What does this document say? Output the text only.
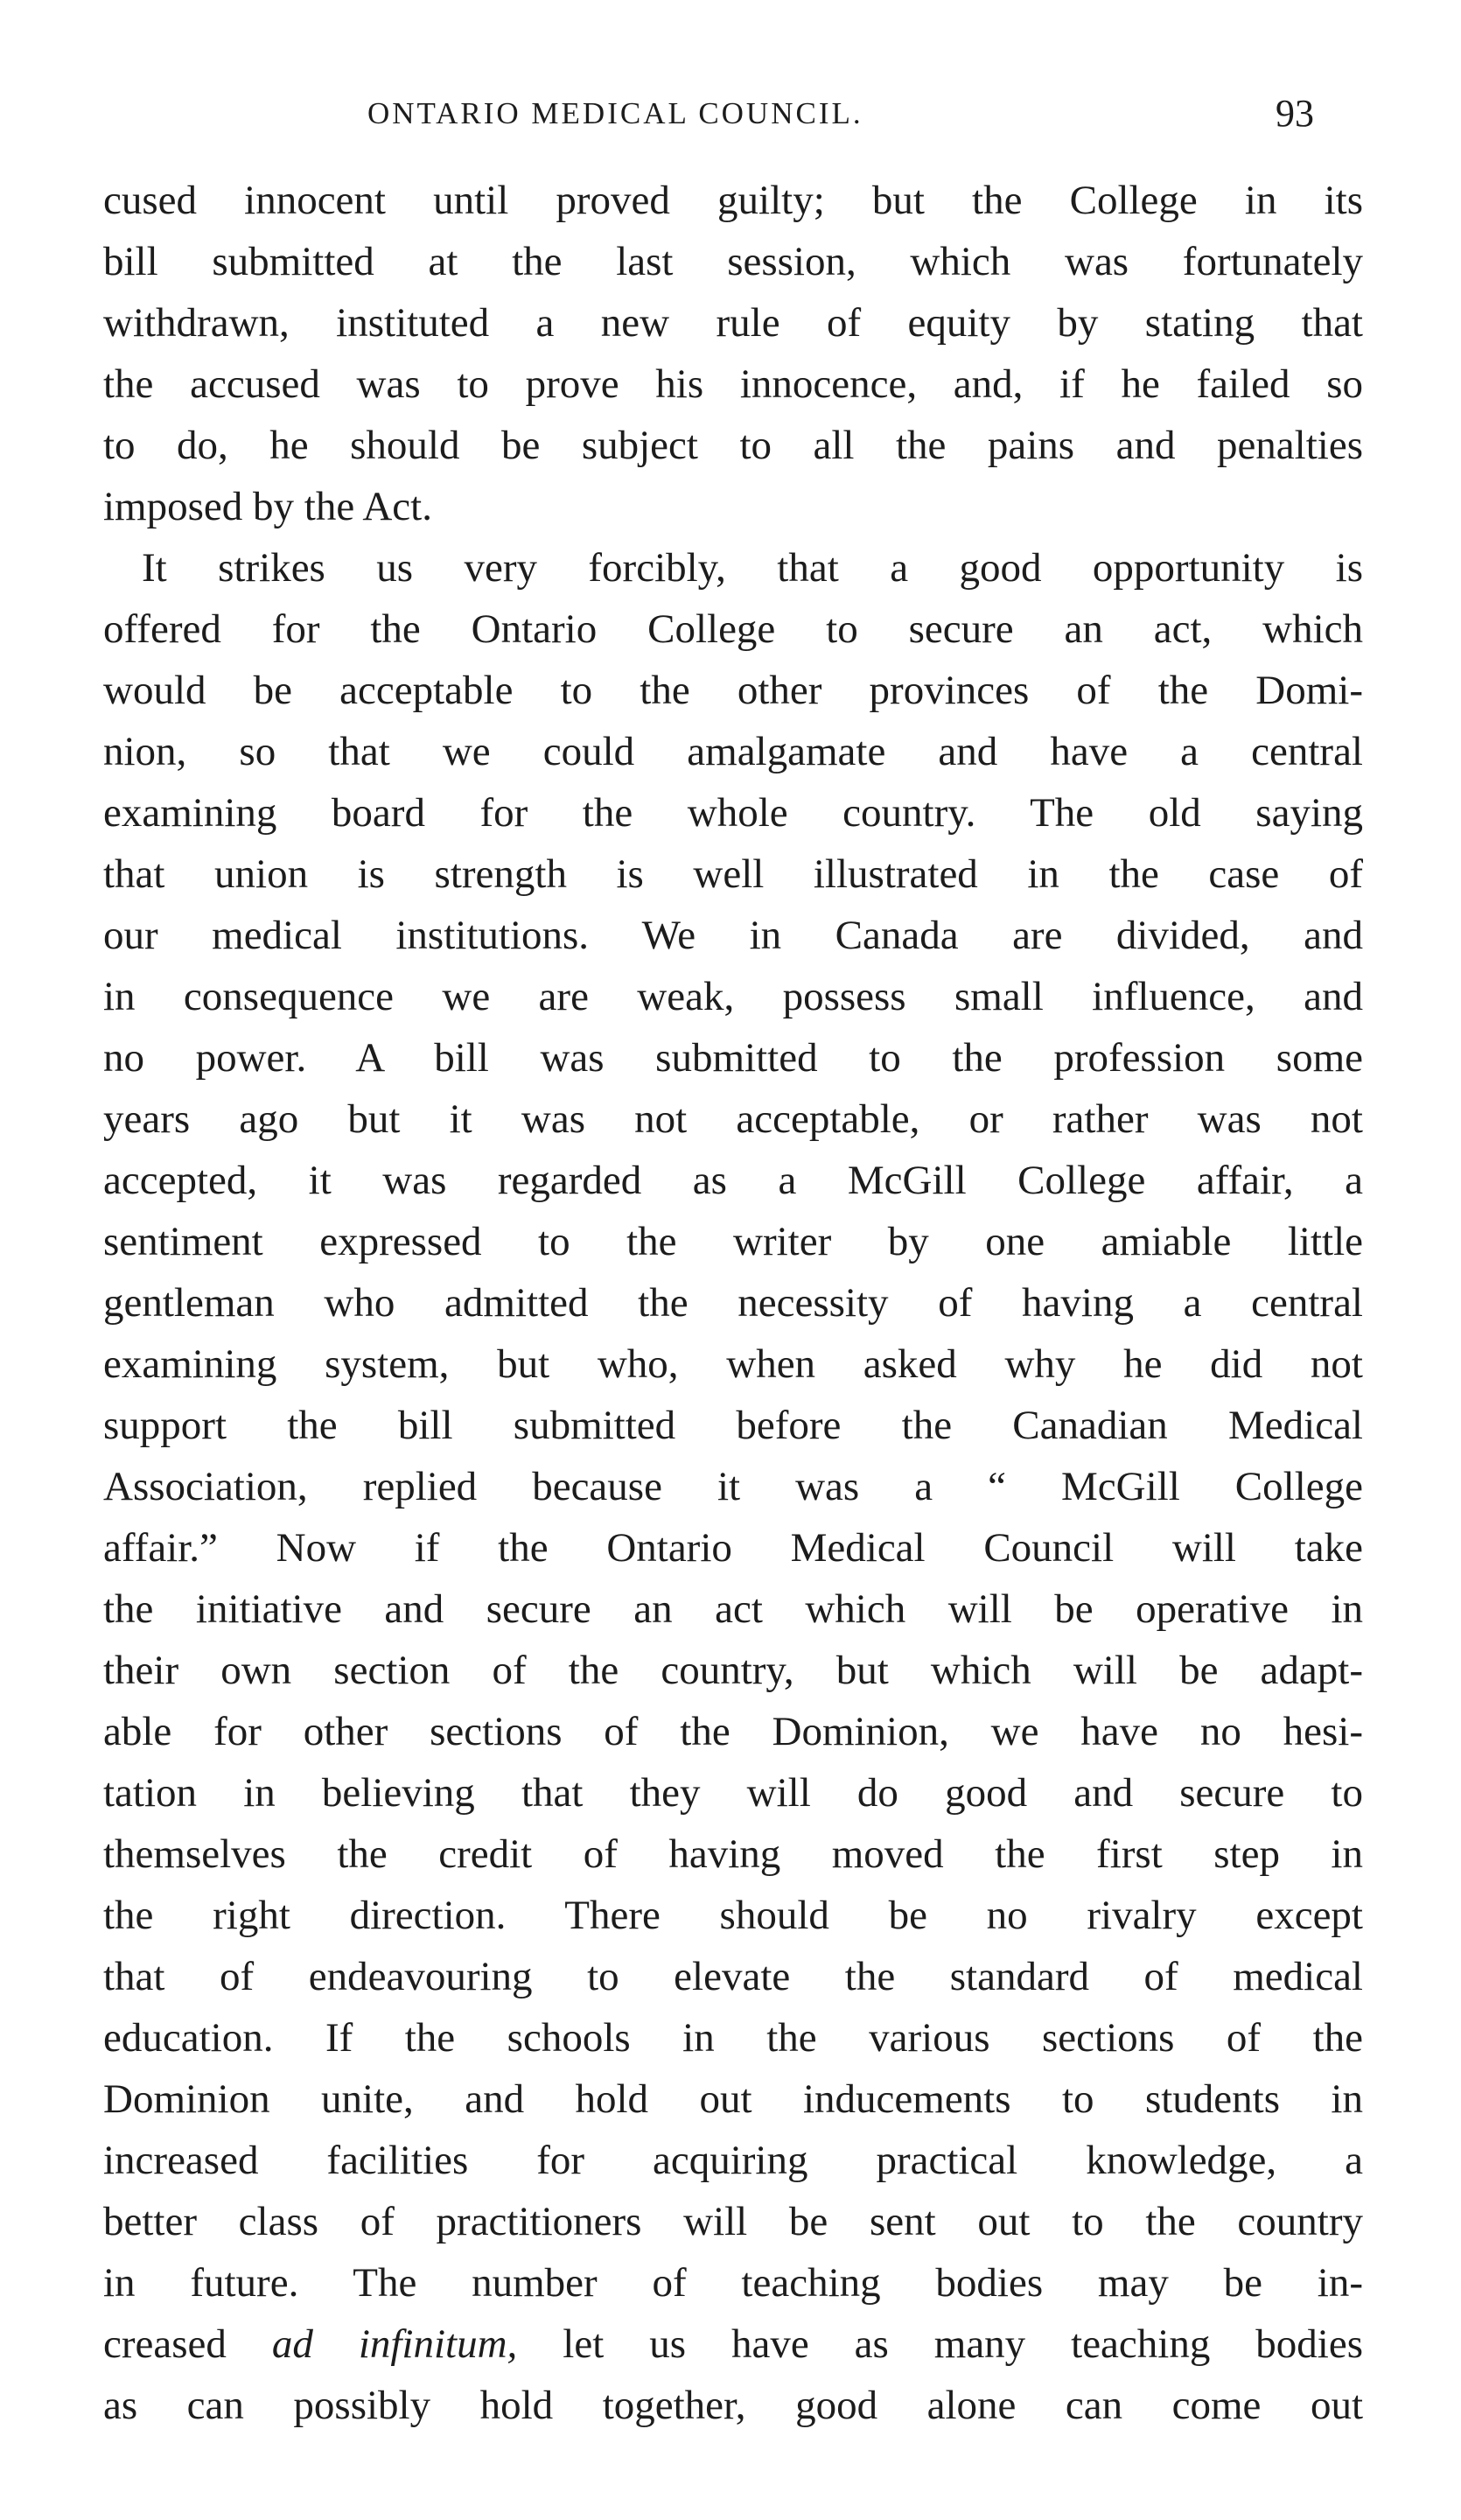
ONTARIO MEDICAL COUNCIL.	93
cused innocent until proved guilty; but the College in its
bill submitted at the last session, which was fortunately
withdrawn, instituted a new rule of equity by stating that
the accused was to prove his innocence, and, if he failed so
to do, he should be subject to all the pains and penalties
imposed by the Act.
It strikes us very forcibly, that a good opportunity is
offered for the Ontario College to secure an act, which
would be acceptable to the other provinces of the Domi-
nion, so that we could amalgamate and have a central
examining board for the whole country. The old saying
that union is strength is well illustrated in the case of
our medical institutions. We in Canada are divided, and
in consequence we are weak, possess small influence, and
no power. A bill was submitted to the profession some
years ago but it was not acceptable, or rather was not
accepted, it was regarded as a McGill College affair, a
sentiment expressed to the writer by one amiable little
gentleman who admitted the necessity of having a central
examining system, but who, when asked why he did not
support the bill submitted before the Canadian Medical
Association, replied because it was a “ McGill College
affair.” Now if the Ontario Medical Council will take
the initiative and secure an act which will be operative in
their own section of the country, but which will be adapt-
able for other sections of the Dominion, we have no hesi-
tation in believing that they will do good and secure to
themselves the credit of having moved the first step in
the right direction. There should be no rivalry except
that of endeavouring to elevate the standard of medical
education. If the schools in the various sections of the
Dominion unite, and hold out inducements to students in
increased facilities for acquiring practical knowledge, a
better class of practitioners will be sent out to the country
in future. The number of teaching bodies may be in-
creased ad infinitum, let us have as many teaching bodies
as can possibly hold together, good alone can come out
